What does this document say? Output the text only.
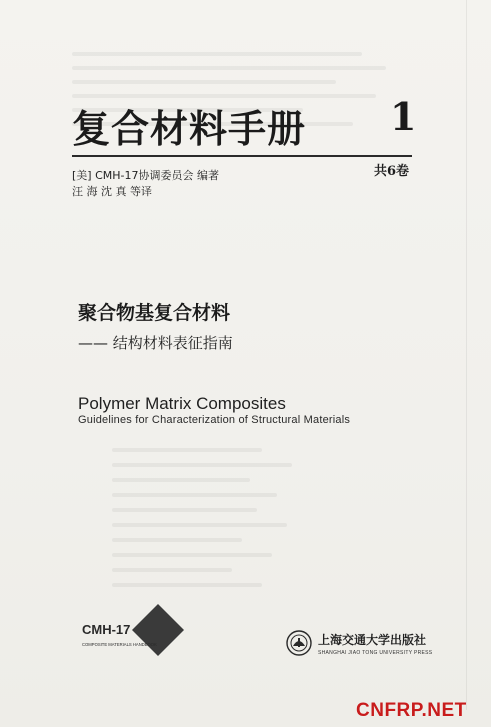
复合材料手册 1
[美] CMH-17协调委员会 编著	共6卷
汪 海 沈 真 等译
聚合物基复合材料
—— 结构材料表征指南
Polymer Matrix Composites
Guidelines for Characterization of Structural Materials
CMH-17
COMPOSITE MATERIALS HANDBOOK	上海交通大学出版社
SHANGHAI JIAO TONG UNIVERSITY PRESS
CNFRP.NET
